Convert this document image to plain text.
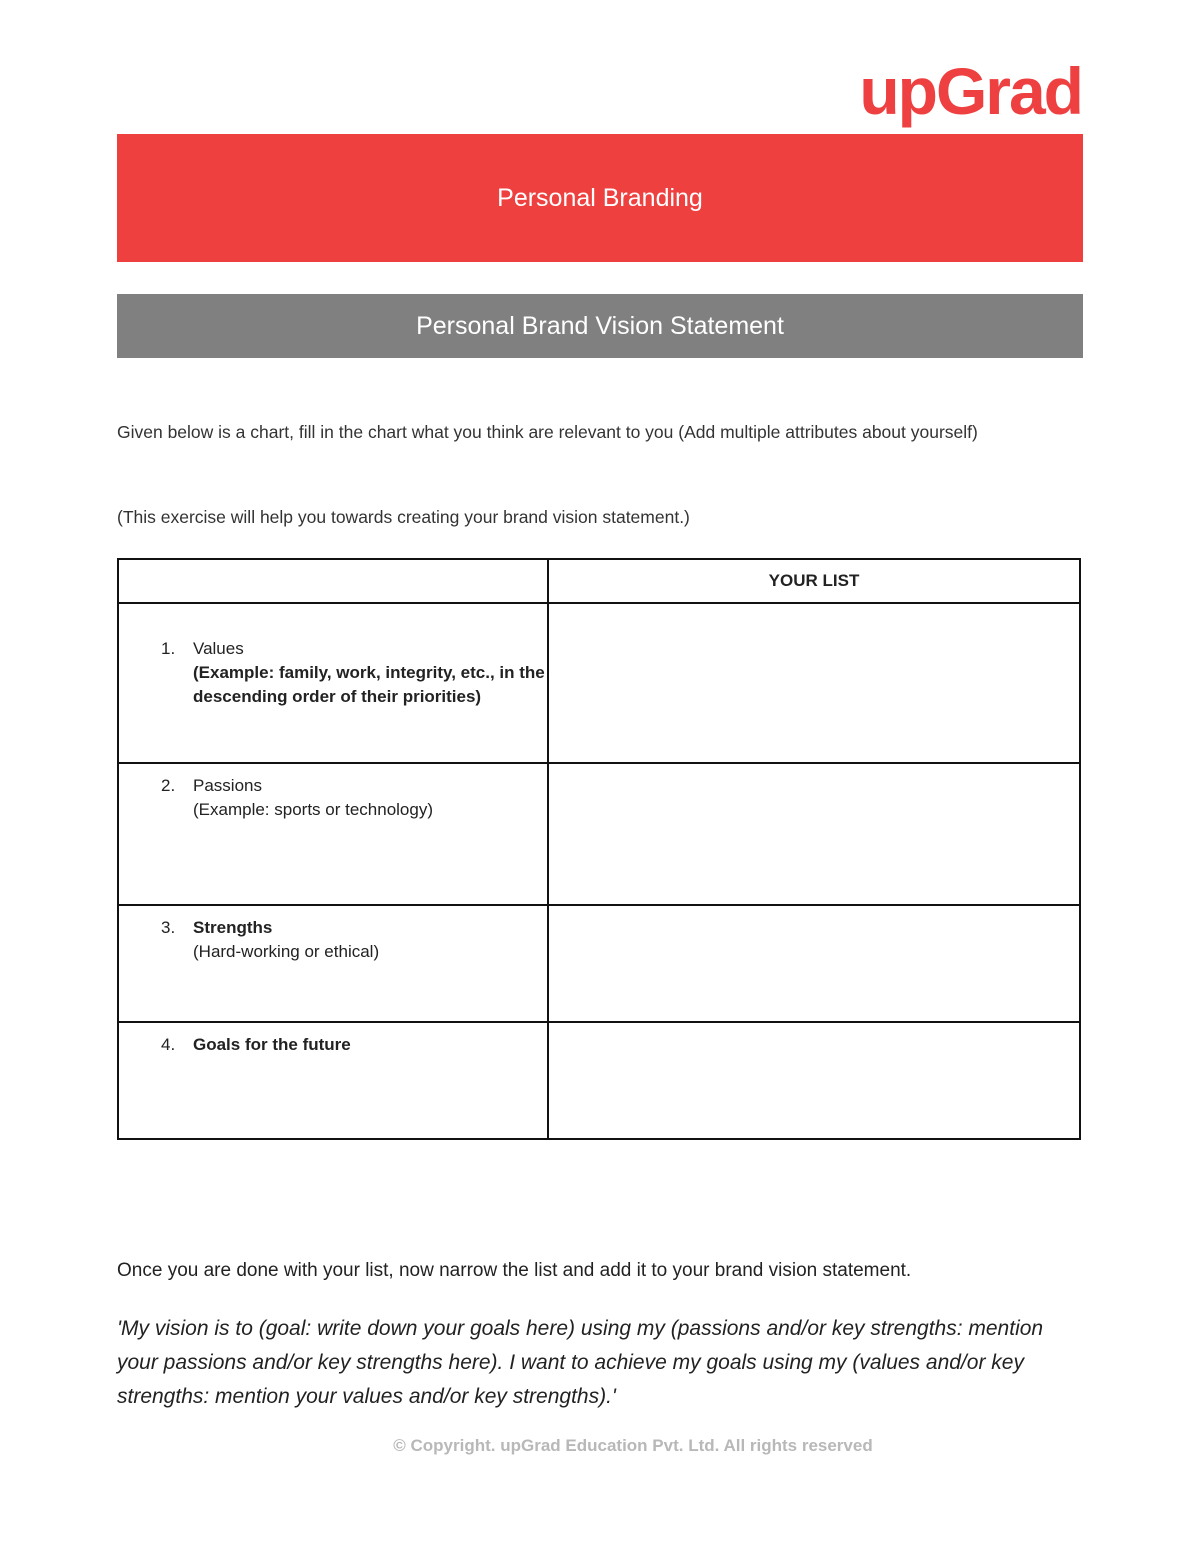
upGrad
Personal Branding
Personal Brand Vision Statement
Given below is a chart, fill in the chart what you think are relevant to you (Add multiple attributes about yourself)
(This exercise will help you towards creating your brand vision statement.)
	YOUR LIST

1. Values
(Example: family, work, integrity, etc., in the descending order of their priorities)	

2. Passions
(Example: sports or technology)	

3. Strengths
(Hard-working or ethical)	

4. Goals for the future	

Once you are done with your list, now narrow the list and add it to your brand vision statement.
'My vision is to (goal: write down your goals here) using my (passions and/or key strengths: mention your passions and/or key strengths here). I want to achieve my goals using my (values and/or key strengths: mention your values and/or key strengths).'
© Copyright. upGrad Education Pvt. Ltd. All rights reserved
